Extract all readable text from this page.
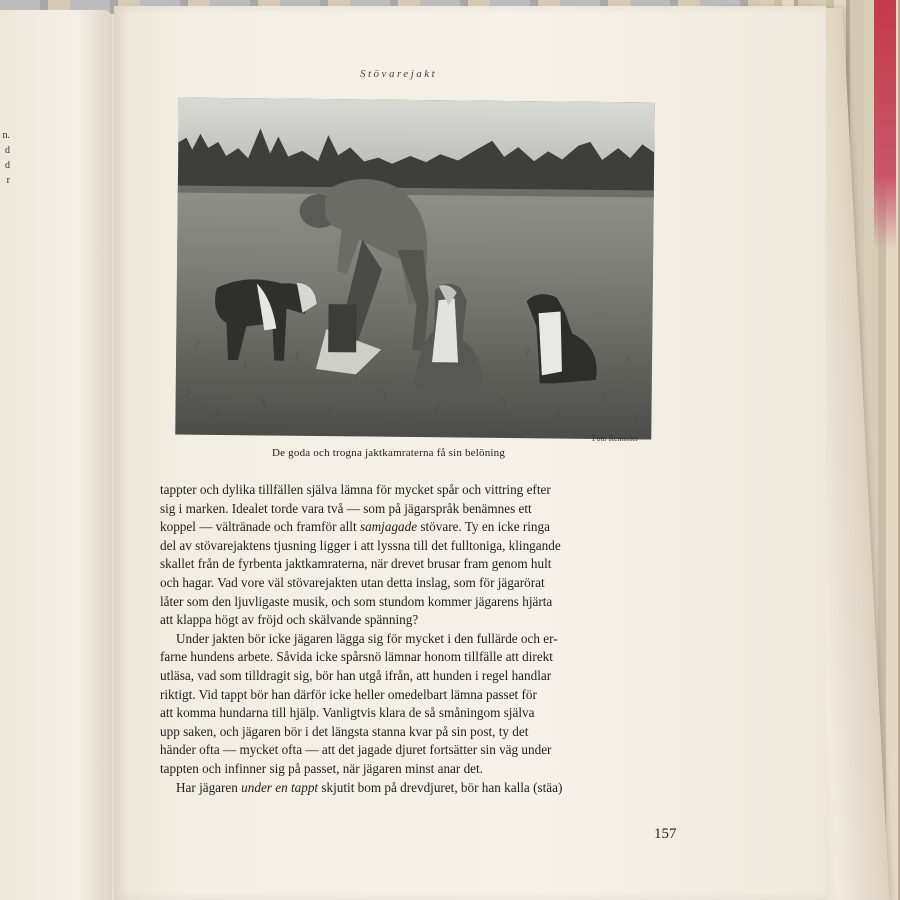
n.
d
d
r
Stövarejakt
Foto Remmler
De goda och trogna jaktkamraterna få sin belöning
tappter och dylika tillfällen själva lämna för mycket spår och vittring efter
sig i marken. Idealet torde vara två — som på jägarspråk benämnes ett
koppel — vältränade och framför allt samjagade stövare. Ty en icke ringa
del av stövarejaktens tjusning ligger i att lyssna till det fulltoniga, klingande
skallet från de fyrbenta jaktkamraterna, när drevet brusar fram genom hult
och hagar. Vad vore väl stövarejakten utan detta inslag, som för jägarörat
låter som den ljuvligaste musik, och som stundom kommer jägarens hjärta
att klappa högt av fröjd och skälvande spänning?
Under jakten bör icke jägaren lägga sig för mycket i den fullärde och er-
farne hundens arbete. Såvida icke spårsnö lämnar honom tillfälle att direkt
utläsa, vad som tilldragit sig, bör han utgå ifrån, att hunden i regel handlar
riktigt. Vid tappt bör han därför icke heller omedelbart lämna passet för
att komma hundarna till hjälp. Vanligtvis klara de så småningom själva
upp saken, och jägaren bör i det längsta stanna kvar på sin post, ty det
händer ofta — mycket ofta — att det jagade djuret fortsätter sin väg under
tappten och infinner sig på passet, när jägaren minst anar det.
Har jägaren under en tappt skjutit bom på drevdjuret, bör han kalla (stäa)
157
